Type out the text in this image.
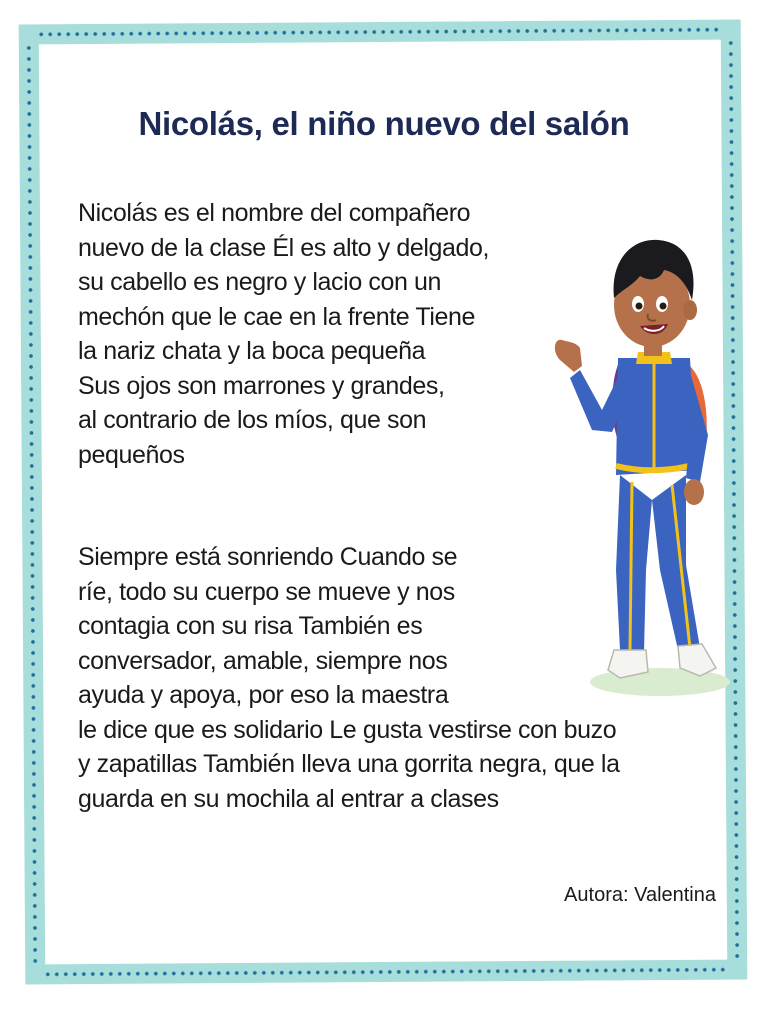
Nicolás, el niño nuevo del salón
Nicolás es el nombre del compañero
nuevo de la clase Él es alto y delgado,
su cabello es negro y lacio con un
mechón que le cae en la frente Tiene
la nariz chata y la boca pequeña
Sus ojos son marrones y grandes,
al contrario de los míos, que son
pequeños
Siempre está sonriendo Cuando se
ríe, todo su cuerpo se mueve y nos
contagia con su risa También es
conversador, amable, siempre nos
ayuda y apoya, por eso la maestra
le dice que es solidario Le gusta vestirse con buzo
y zapatillas También lleva una gorrita negra, que la
guarda en su mochila al entrar a clases
Autora: Valentina
